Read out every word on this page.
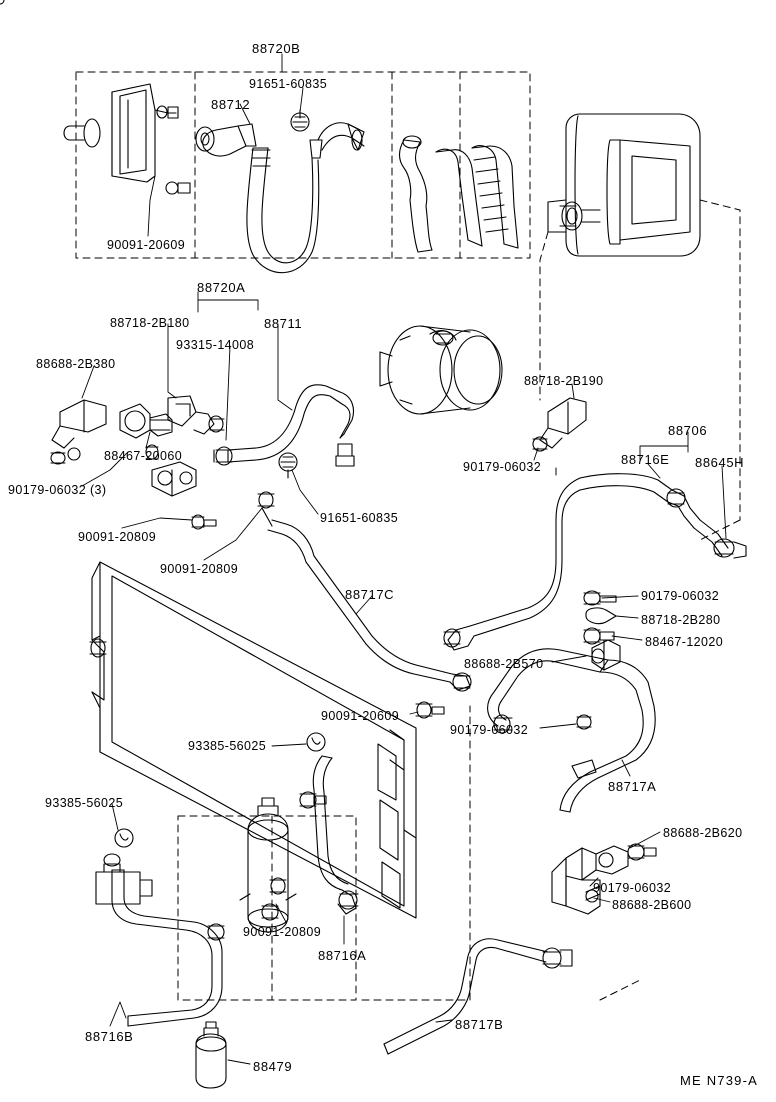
88720B
91651-60835
88712
90091-20609
88720A
88718-2B180	88711
93315-14008
88688-2B380
88718-2B190
88467-20060
88706
88716E 88645H
90179-06032
90179-06032 (3)
91651-60835
90091-20809
90091-20809
88717C	90179-06032
88718-2B280
88467-12020
88688-2B570
90091-20609
90179-06032
93385-56025
88717A
93385-56025
88688-2B620
90179-06032
88688-2B600
90091-20809
88716A
88716B
88479
88717B
ME N739-A
